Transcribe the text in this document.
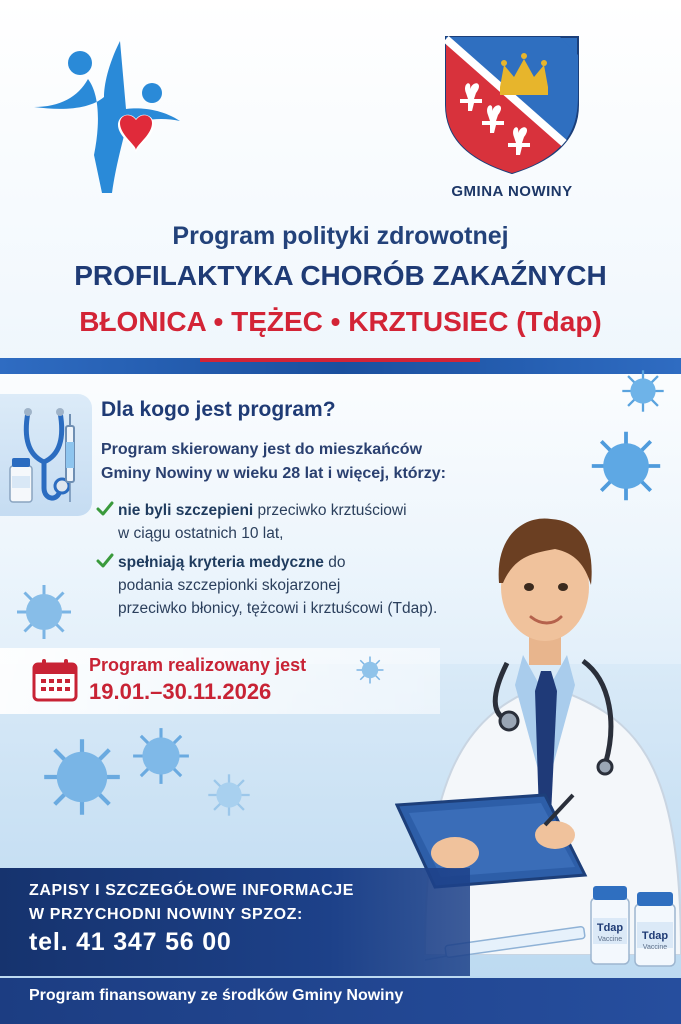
GMINA NOWINY
Program polityki zdrowotnej
PROFILAKTYKA CHORÓB ZAKAŹNYCH
BŁONICA • TĘŻEC • KRZTUSIEC (Tdap)
Dla kogo jest program?
Program skierowany jest do mieszkańców
Gminy Nowiny w wieku 28 lat i więcej, którzy:
nie byli szczepieni przeciwko krztuściowi
w ciągu ostatnich 10 lat,
spełniają kryteria medyczne do
podania szczepionki skojarzonej
przeciwko błonicy, tężcowi i krztuścowi (Tdap).
Program realizowany jest
19.01.–30.11.2026
Tdap
Vaccine	Tdap
Vaccine
ZAPISY I SZCZEGÓŁOWE INFORMACJE
W PRZYCHODNI NOWINY SPZOZ:
tel. 41 347 56 00
Program finansowany ze środków Gminy Nowiny
